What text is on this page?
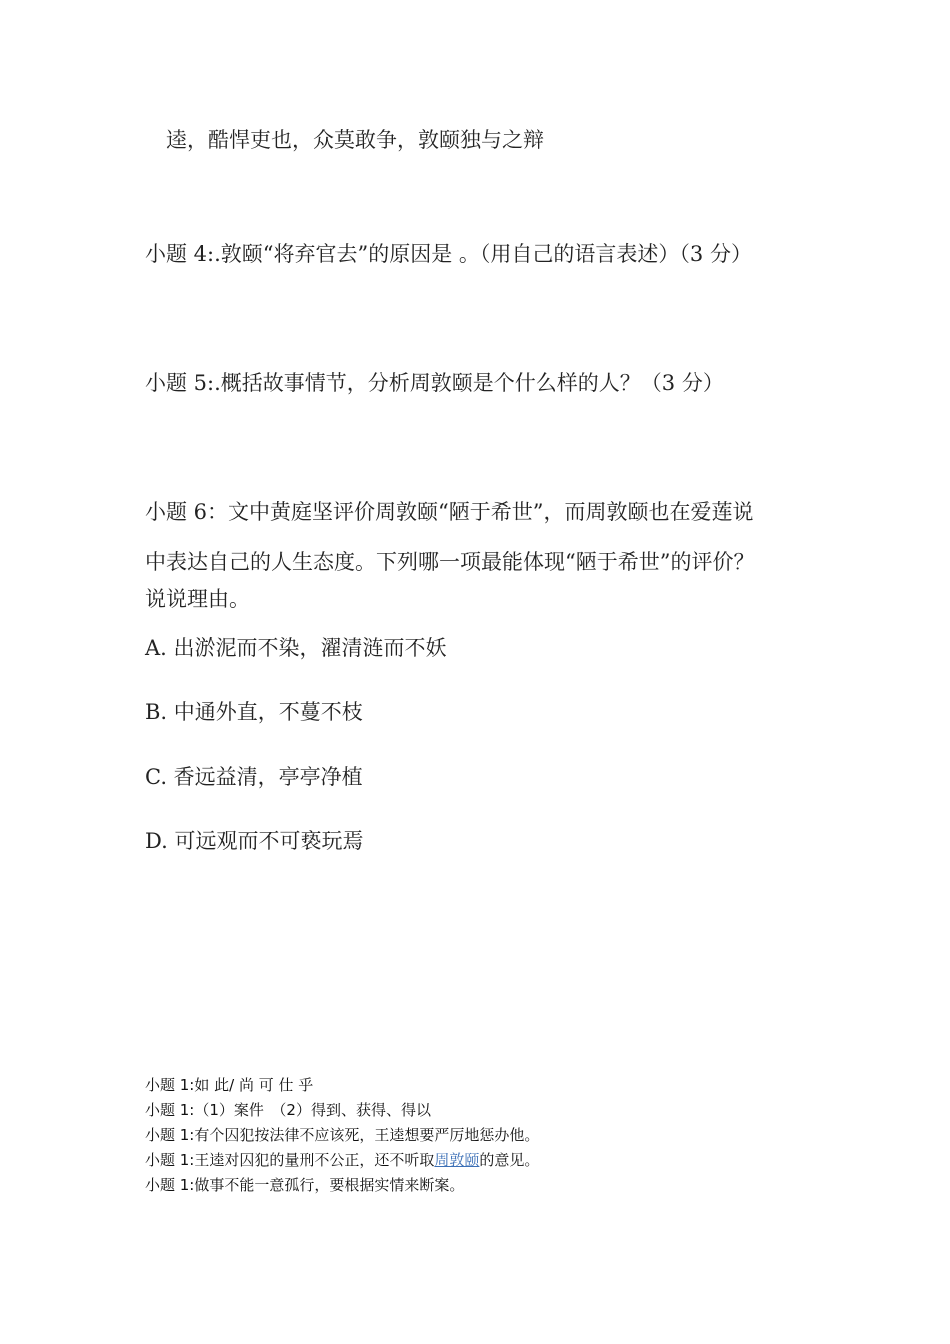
逵，酷悍吏也，众莫敢争，敦颐独与之辩
小题 4:.敦颐“将弃官去”的原因是 。（用自己的语言表述）（3 分）
小题 5:.概括故事情节，分析周敦颐是个什么样的人？（3 分）
小题 6：文中黄庭坚评价周敦颐“陋于希世”，而周敦颐也在爱莲说
中表达自己的人生态度。下列哪一项最能体现“陋于希世”的评价？
说说理由。
A. 出淤泥而不染，濯清涟而不妖
B. 中通外直，不蔓不枝
C. 香远益清，亭亭净植
D. 可远观而不可亵玩焉
小题 1:如 此/ 尚 可 仕 乎
小题 1:（1）案件　（2）得到、获得、得以
小题 1:有个囚犯按法律不应该死，王逵想要严厉地惩办他。
小题 1:王逵对囚犯的量刑不公正，还不听取周敦颐的意见。
小题 1:做事不能一意孤行，要根据实情来断案。
